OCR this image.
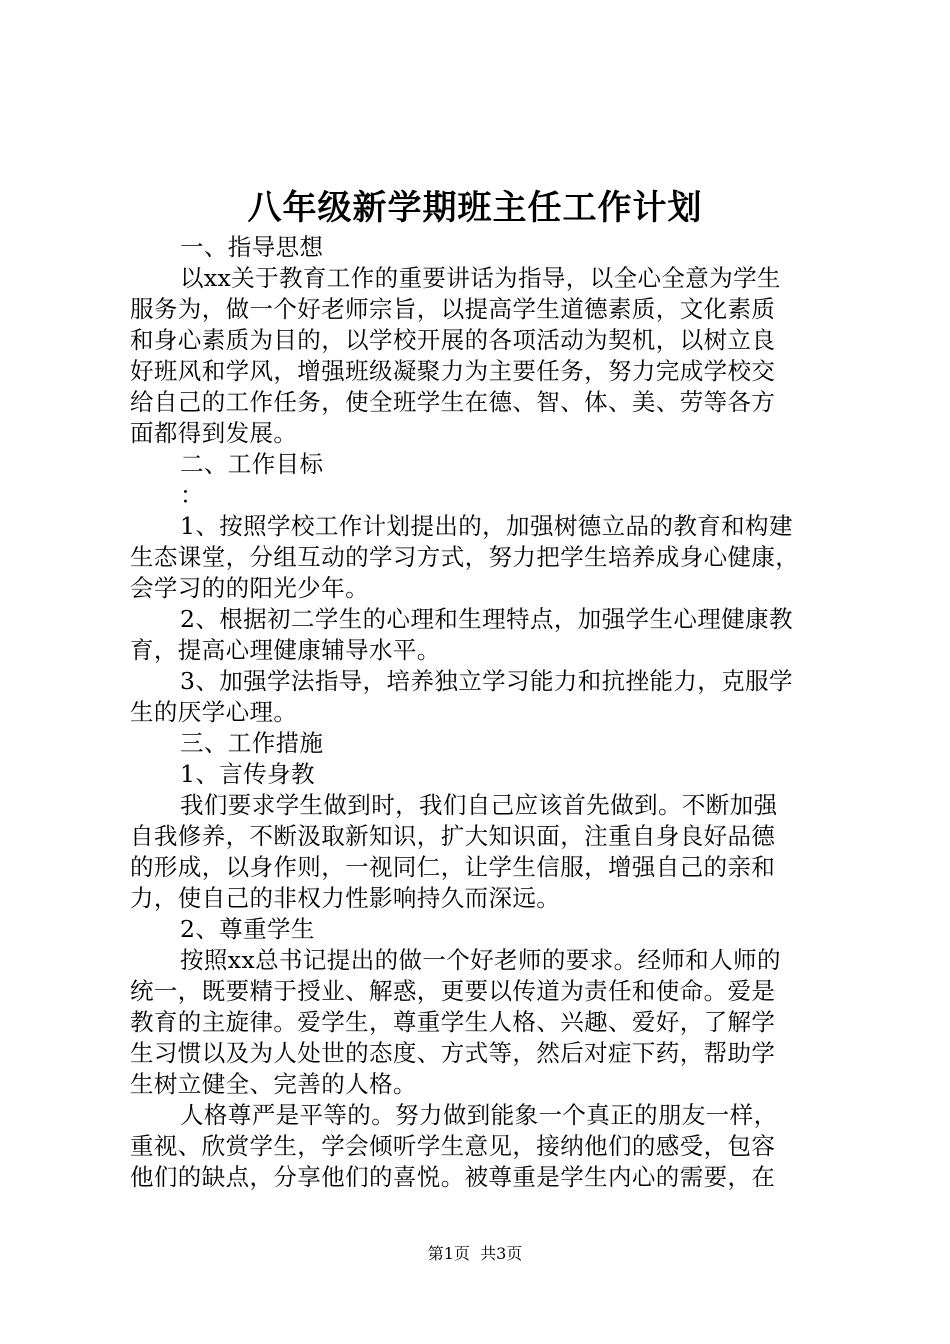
八年级新学期班主任工作计划
一、指导思想
以xx关于教育工作的重要讲话为指导，以全心全意为学生
服务为，做一个好老师宗旨，以提高学生道德素质，文化素质
和身心素质为目的，以学校开展的各项活动为契机，以树立良
好班风和学风，增强班级凝聚力为主要任务，努力完成学校交
给自己的工作任务，使全班学生在德、智、体、美、劳等各方
面都得到发展。
二、工作目标
：
1、按照学校工作计划提出的，加强树德立品的教育和构建
生态课堂，分组互动的学习方式，努力把学生培养成身心健康，
会学习的的阳光少年。
2、根据初二学生的心理和生理特点，加强学生心理健康教
育，提高心理健康辅导水平。
3、加强学法指导，培养独立学习能力和抗挫能力，克服学
生的厌学心理。
三、工作措施
1、言传身教
我们要求学生做到时，我们自己应该首先做到。不断加强
自我修养，不断汲取新知识，扩大知识面，注重自身良好品德
的形成，以身作则，一视同仁，让学生信服，增强自己的亲和
力，使自己的非权力性影响持久而深远。
2、尊重学生
按照xx总书记提出的做一个好老师的要求。经师和人师的
统一，既要精于授业、解惑，更要以传道为责任和使命。爱是
教育的主旋律。爱学生，尊重学生人格、兴趣、爱好，了解学
生习惯以及为人处世的态度、方式等，然后对症下药，帮助学
生树立健全、完善的人格。
人格尊严是平等的。努力做到能象一个真正的朋友一样，
重视、欣赏学生，学会倾听学生意见，接纳他们的感受，包容
他们的缺点，分享他们的喜悦。被尊重是学生内心的需要，在
第1页  共3页
